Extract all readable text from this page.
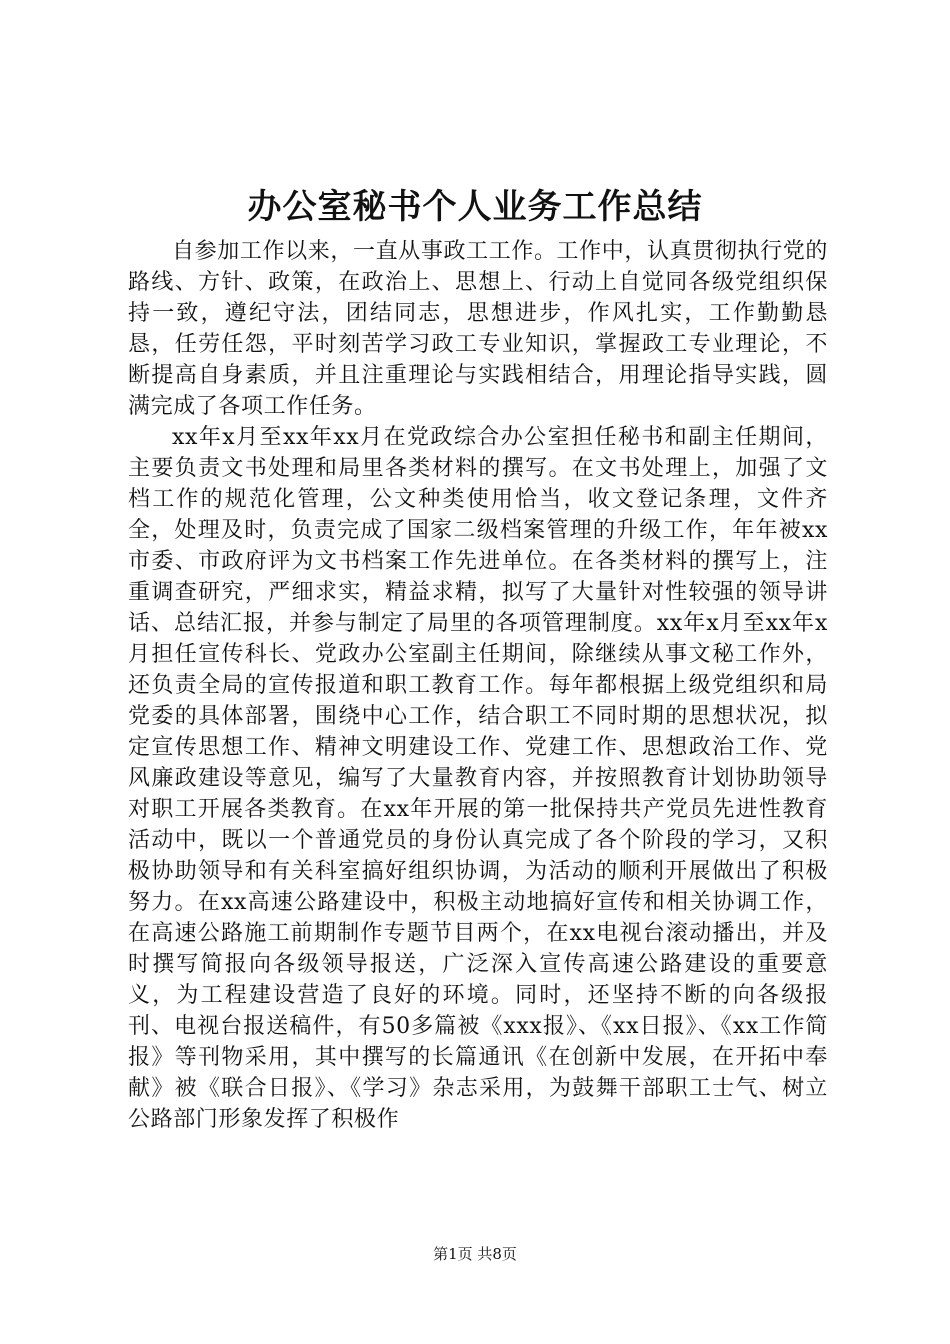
办公室秘书个人业务工作总结

自参加工作以来，一直从事政工工作。工作中，认真贯彻执行党的路线、方针、政策，在政治上、思想上、行动上自觉同各级党组织保持一致，遵纪守法，团结同志，思想进步，作风扎实，工作勤勤恳恳，任劳任怨，平时刻苦学习政工专业知识，掌握政工专业理论，不断提高自身素质，并且注重理论与实践相结合，用理论指导实践，圆满完成了各项工作任务。

xx年x月至xx年xx月在党政综合办公室担任秘书和副主任期间，主要负责文书处理和局里各类材料的撰写。在文书处理上，加强了文档工作的规范化管理，公文种类使用恰当，收文登记条理，文件齐全，处理及时，负责完成了国家二级档案管理的升级工作，年年被xx市委、市政府评为文书档案工作先进单位。在各类材料的撰写上，注重调查研究，严细求实，精益求精，拟写了大量针对性较强的领导讲话、总结汇报，并参与制定了局里的各项管理制度。xx年x月至xx年x月担任宣传科长、党政办公室副主任期间，除继续从事文秘工作外，还负责全局的宣传报道和职工教育工作。每年都根据上级党组织和局党委的具体部署，围绕中心工作，结合职工不同时期的思想状况，拟定宣传思想工作、精神文明建设工作、党建工作、思想政治工作、党风廉政建设等意见，编写了大量教育内容，并按照教育计划协助领导对职工开展各类教育。在xx年开展的第一批保持共产党员先进性教育活动中，既以一个普通党员的身份认真完成了各个阶段的学习，又积极协助领导和有关科室搞好组织协调，为活动的顺利开展做出了积极努力。在xx高速公路建设中，积极主动地搞好宣传和相关协调工作，在高速公路施工前期制作专题节目两个，在xx电视台滚动播出，并及时撰写简报向各级领导报送，广泛深入宣传高速公路建设的重要意义，为工程建设营造了良好的环境。同时，还坚持不断的向各级报刊、电视台报送稿件，有50多篇被《xxx报》、《xx日报》、《xx工作简报》等刊物采用，其中撰写的长篇通讯《在创新中发展，在开拓中奉献》被《联合日报》、《学习》杂志采用，为鼓舞干部职工士气、树立公路部门形象发挥了积极作

第1页 共8页
